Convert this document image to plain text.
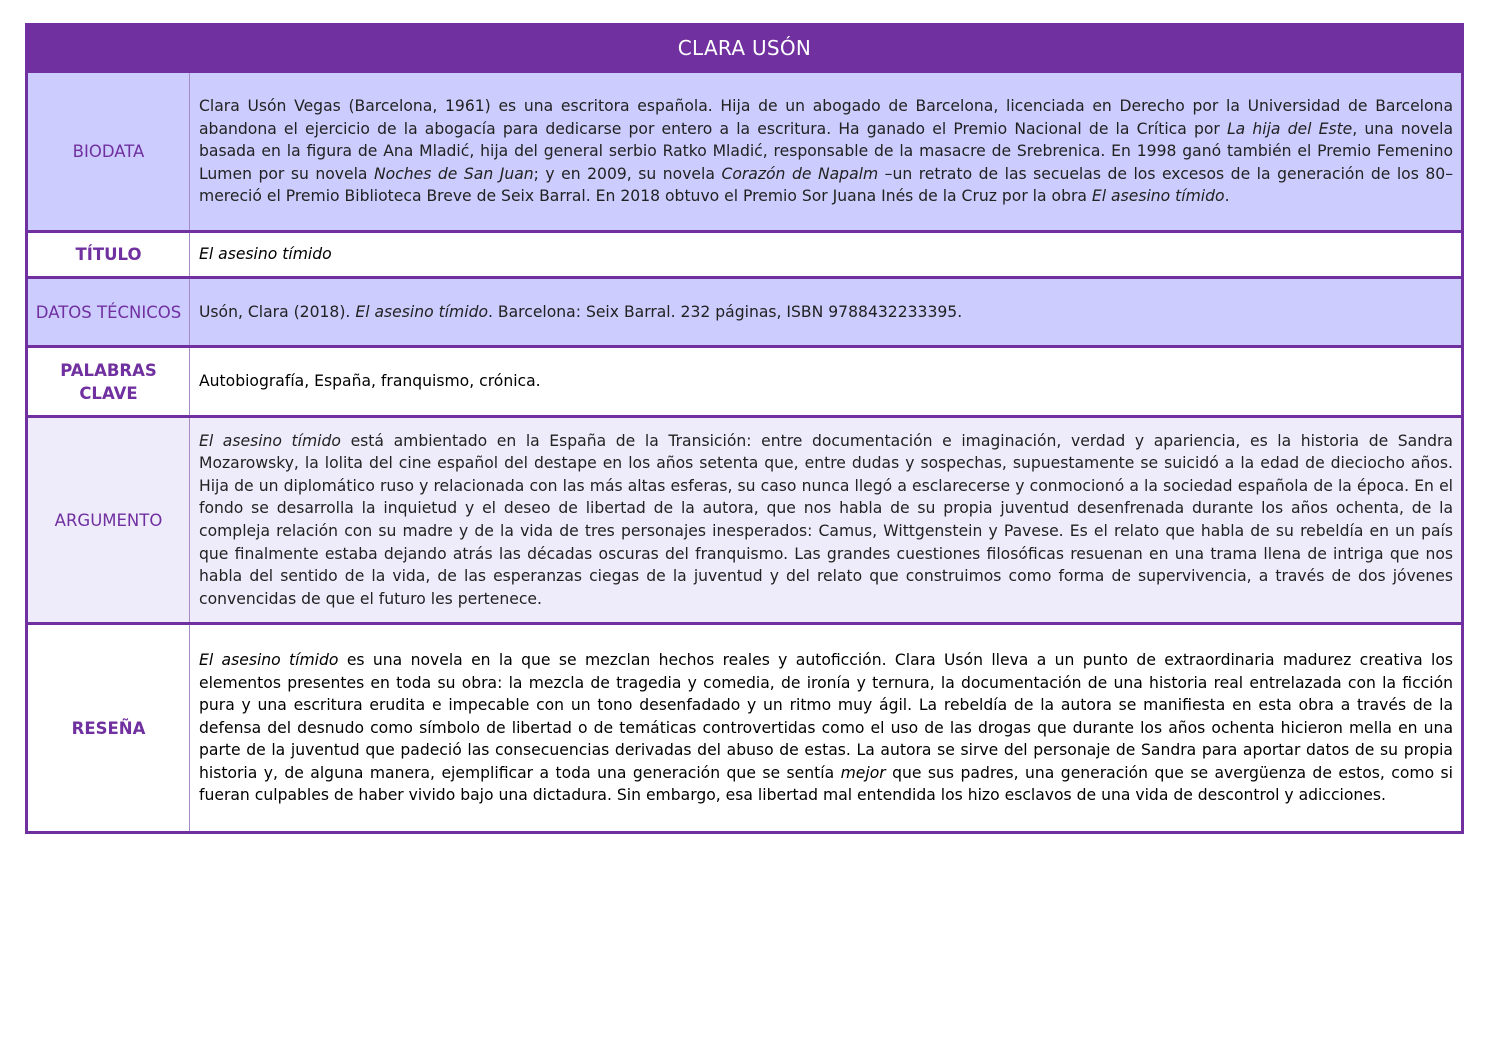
CLARA USÓN
BIODATA
Clara Usón Vegas (Barcelona, 1961) es una escritora española. Hija de un abogado de Barcelona, licenciada en Derecho por la Universidad de Barcelona abandona el ejercicio de la abogacía para dedicarse por entero a la escritura. Ha ganado el Premio Nacional de la Crítica por La hija del Este, una novela basada en la figura de Ana Mladić, hija del general serbio Ratko Mladić, responsable de la masacre de Srebrenica. En 1998 ganó también el Premio Femenino Lumen por su novela Noches de San Juan; y en 2009, su novela Corazón de Napalm –un retrato de las secuelas de los excesos de la generación de los 80– mereció el Premio Biblioteca Breve de Seix Barral. En 2018 obtuvo el Premio Sor Juana Inés de la Cruz por la obra El asesino tímido.
TÍTULO	El asesino tímido
DATOS TÉCNICOS	Usón, Clara (2018). El asesino tímido. Barcelona: Seix Barral. 232 páginas, ISBN 9788432233395.
PALABRAS CLAVE
Autobiografía, España, franquismo, crónica.
ARGUMENTO
El asesino tímido está ambientado en la España de la Transición: entre documentación e imaginación, verdad y apariencia, es la historia de Sandra Mozarowsky, la lolita del cine español del destape en los años setenta que, entre dudas y sospechas, supuestamente se suicidó a la edad de dieciocho años. Hija de un diplomático ruso y relacionada con las más altas esferas, su caso nunca llegó a esclarecerse y conmocionó a la sociedad española de la época. En el fondo se desarrolla la inquietud y el deseo de libertad de la autora, que nos habla de su propia juventud desenfrenada durante los años ochenta, de la compleja relación con su madre y de la vida de tres personajes inesperados: Camus, Wittgenstein y Pavese. Es el relato que habla de su rebeldía en un país que finalmente estaba dejando atrás las décadas oscuras del franquismo. Las grandes cuestiones filosóficas resuenan en una trama llena de intriga que nos habla del sentido de la vida, de las esperanzas ciegas de la juventud y del relato que construimos como forma de supervivencia, a través de dos jóvenes convencidas de que el futuro les pertenece.
RESEÑA
El asesino tímido es una novela en la que se mezclan hechos reales y autoficción. Clara Usón lleva a un punto de extraordinaria madurez creativa los elementos presentes en toda su obra: la mezcla de tragedia y comedia, de ironía y ternura, la documentación de una historia real entrelazada con la ficción pura y una escritura erudita e impecable con un tono desenfadado y un ritmo muy ágil. La rebeldía de la autora se manifiesta en esta obra a través de la defensa del desnudo como símbolo de libertad o de temáticas controvertidas como el uso de las drogas que durante los años ochenta hicieron mella en una parte de la juventud que padeció las consecuencias derivadas del abuso de estas. La autora se sirve del personaje de Sandra para aportar datos de su propia historia y, de alguna manera, ejemplificar a toda una generación que se sentía mejor que sus padres, una generación que se avergüenza de estos, como si fueran culpables de haber vivido bajo una dictadura. Sin embargo, esa libertad mal entendida los hizo esclavos de una vida de descontrol y adicciones.
